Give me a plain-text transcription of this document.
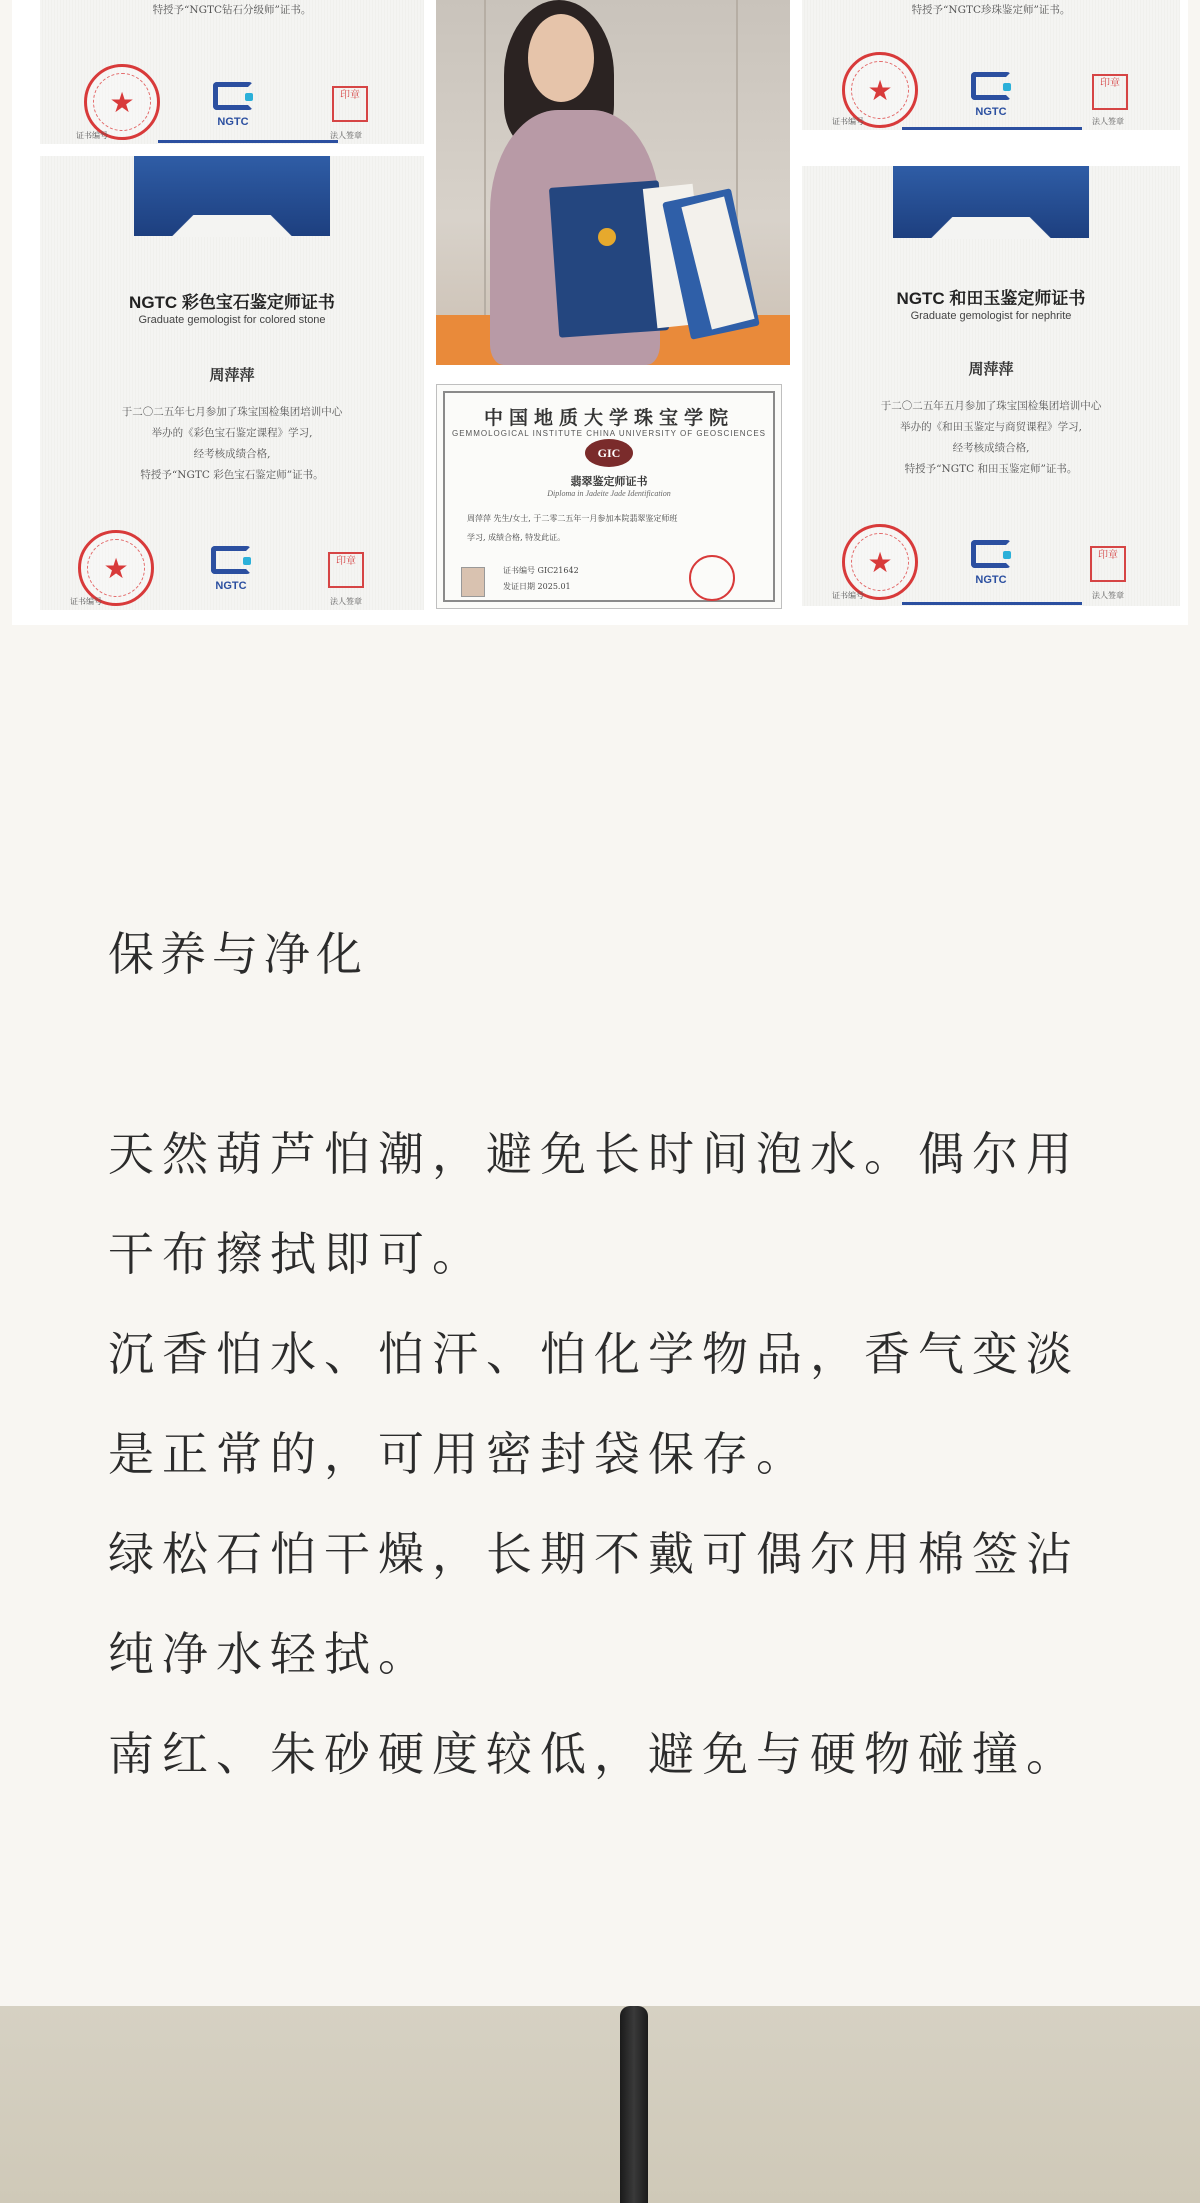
特授予“NGTC钻石分级师”证书。
★
NGTC
印章
证书编号	法人签章
NGTC 彩色宝石鉴定师证书
Graduate gemologist for colored stone
周萍萍
于二〇二五年七月参加了珠宝国检集团培训中心
举办的《彩色宝石鉴定课程》学习,
经考核成绩合格,
特授予“NGTC 彩色宝石鉴定师”证书。
★
NGTC
印章
证书编号	法人签章
中国地质大学珠宝学院
GEMMOLOGICAL INSTITUTE CHINA UNIVERSITY OF GEOSCIENCES
GIC
翡翠鉴定师证书
Diploma in Jadeite Jade Identification
周萍萍 先生/女士, 于二零二五年一月参加本院翡翠鉴定师班
学习, 成绩合格, 特发此证。
证书编号 GIC21642
发证日期 2025.01
特授予“NGTC珍珠鉴定师”证书。
★
NGTC
印章
证书编号	法人签章
NGTC 和田玉鉴定师证书
Graduate gemologist for nephrite
周萍萍
于二〇二五年五月参加了珠宝国检集团培训中心
举办的《和田玉鉴定与商贸课程》学习,
经考核成绩合格,
特授予“NGTC 和田玉鉴定师”证书。
★
NGTC
印章
证书编号	法人签章
保养与净化

天然葫芦怕潮，避免长时间泡水。偶尔用干布擦拭即可。

沉香怕水、怕汗、怕化学物品，香气变淡是正常的，可用密封袋保存。

绿松石怕干燥，长期不戴可偶尔用棉签沾纯净水轻拭。

南红、朱砂硬度较低，避免与硬物碰撞。
